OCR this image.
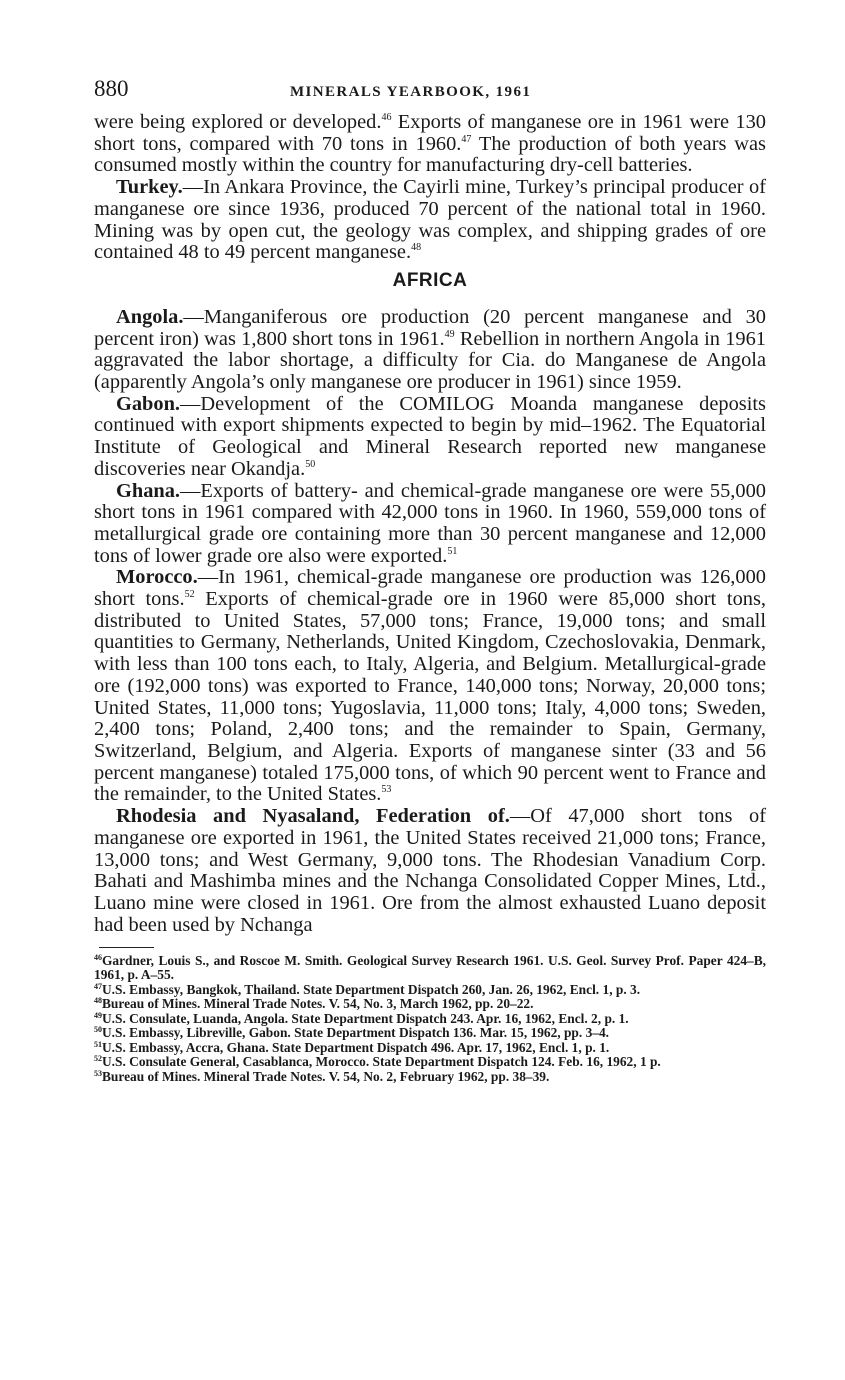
880	MINERALS YEARBOOK, 1961

were being explored or developed.$^{46}$ Exports of manganese ore in 1961 were 130 short tons, compared with 70 tons in 1960.47 The production of both years was consumed mostly within the country for manufacturing dry-cell batteries.

Turkey.—In Ankara Province, the Cayirli mine, Turkey’s principal producer of manganese ore since 1936, produced 70 percent of the national total in 1960. Mining was by open cut, the geology was complex, and shipping grades of ore contained 48 to 49 percent manganese.$^{48}$

AFRICA

Angola.—Manganiferous ore production (20 percent manganese and 30 percent iron) was 1,800 short tons in 1961.49 Rebellion in northern Angola in 1961 aggravated the labor shortage, a difficulty for Cia. do Manganese de Angola (apparently Angola’s only manganese ore producer in 1961) since 1959.

Gabon.—Development of the COMILOG Moanda manganese deposits continued with export shipments expected to begin by mid–1962. The Equatorial Institute of Geological and Mineral Research reported new manganese discoveries near Okandja.$^{50}$

Ghana.—Exports of battery- and chemical-grade manganese ore were 55,000 short tons in 1961 compared with 42,000 tons in 1960. In 1960, 559,000 tons of metallurgical grade ore containing more than 30 percent manganese and 12,000 tons of lower grade ore also were exported.$^{51}$

Morocco.—In 1961, chemical-grade manganese ore production was 126,000 short tons.$^{52}$ Exports of chemical-grade ore in 1960 were 85,000 short tons, distributed to United States, 57,000 tons; France, 19,000 tons; and small quantities to Germany, Netherlands, United Kingdom, Czechoslovakia, Denmark, with less than 100 tons each, to Italy, Algeria, and Belgium. Metallurgical-grade ore (192,000 tons) was exported to France, 140,000 tons; Norway, 20,000 tons; United States, 11,000 tons; Yugoslavia, 11,000 tons; Italy, 4,000 tons; Sweden, 2,400 tons; Poland, 2,400 tons; and the remainder to Spain, Germany, Switzerland, Belgium, and Algeria. Exports of manganese sinter (33 and 56 percent manganese) totaled 175,000 tons, of which 90 percent went to France and the remainder, to the United States.$^{53}$

Rhodesia and Nyasaland, Federation of.—Of 47,000 short tons of manganese ore exported in 1961, the United States received 21,000 tons; France, 13,000 tons; and West Germany, 9,000 tons. The Rhodesian Vanadium Corp. Bahati and Mashimba mines and the Nchanga Consolidated Copper Mines, Ltd., Luano mine were closed in 1961. Ore from the almost exhausted Luano deposit had been used by Nchanga

$^{46}$Gardner, Louis S., and Roscoe M. Smith. Geological Survey Research 1961. U.S. Geol. Survey Prof. Paper 424–B, 1961, p. A–55.

$^{47}$U.S. Embassy, Bangkok, Thailand. State Department Dispatch 260, Jan. 26, 1962, Encl. 1, p. 3.

$^{48}$Bureau of Mines. Mineral Trade Notes. V. 54, No. 3, March 1962, pp. 20–22.

$^{49}$U.S. Consulate, Luanda, Angola. State Department Dispatch 243. Apr. 16, 1962, Encl. 2, p. 1.

$^{50}$U.S. Embassy, Libreville, Gabon. State Department Dispatch 136. Mar. 15, 1962, pp. 3–4.

$^{51}$U.S. Embassy, Accra, Ghana. State Department Dispatch 496. Apr. 17, 1962, Encl. 1, p. 1.

$^{52}$U.S. Consulate General, Casablanca, Morocco. State Department Dispatch 124. Feb. 16, 1962, 1 p.

$^{53}$Bureau of Mines. Mineral Trade Notes. V. 54, No. 2, February 1962, pp. 38–39.
